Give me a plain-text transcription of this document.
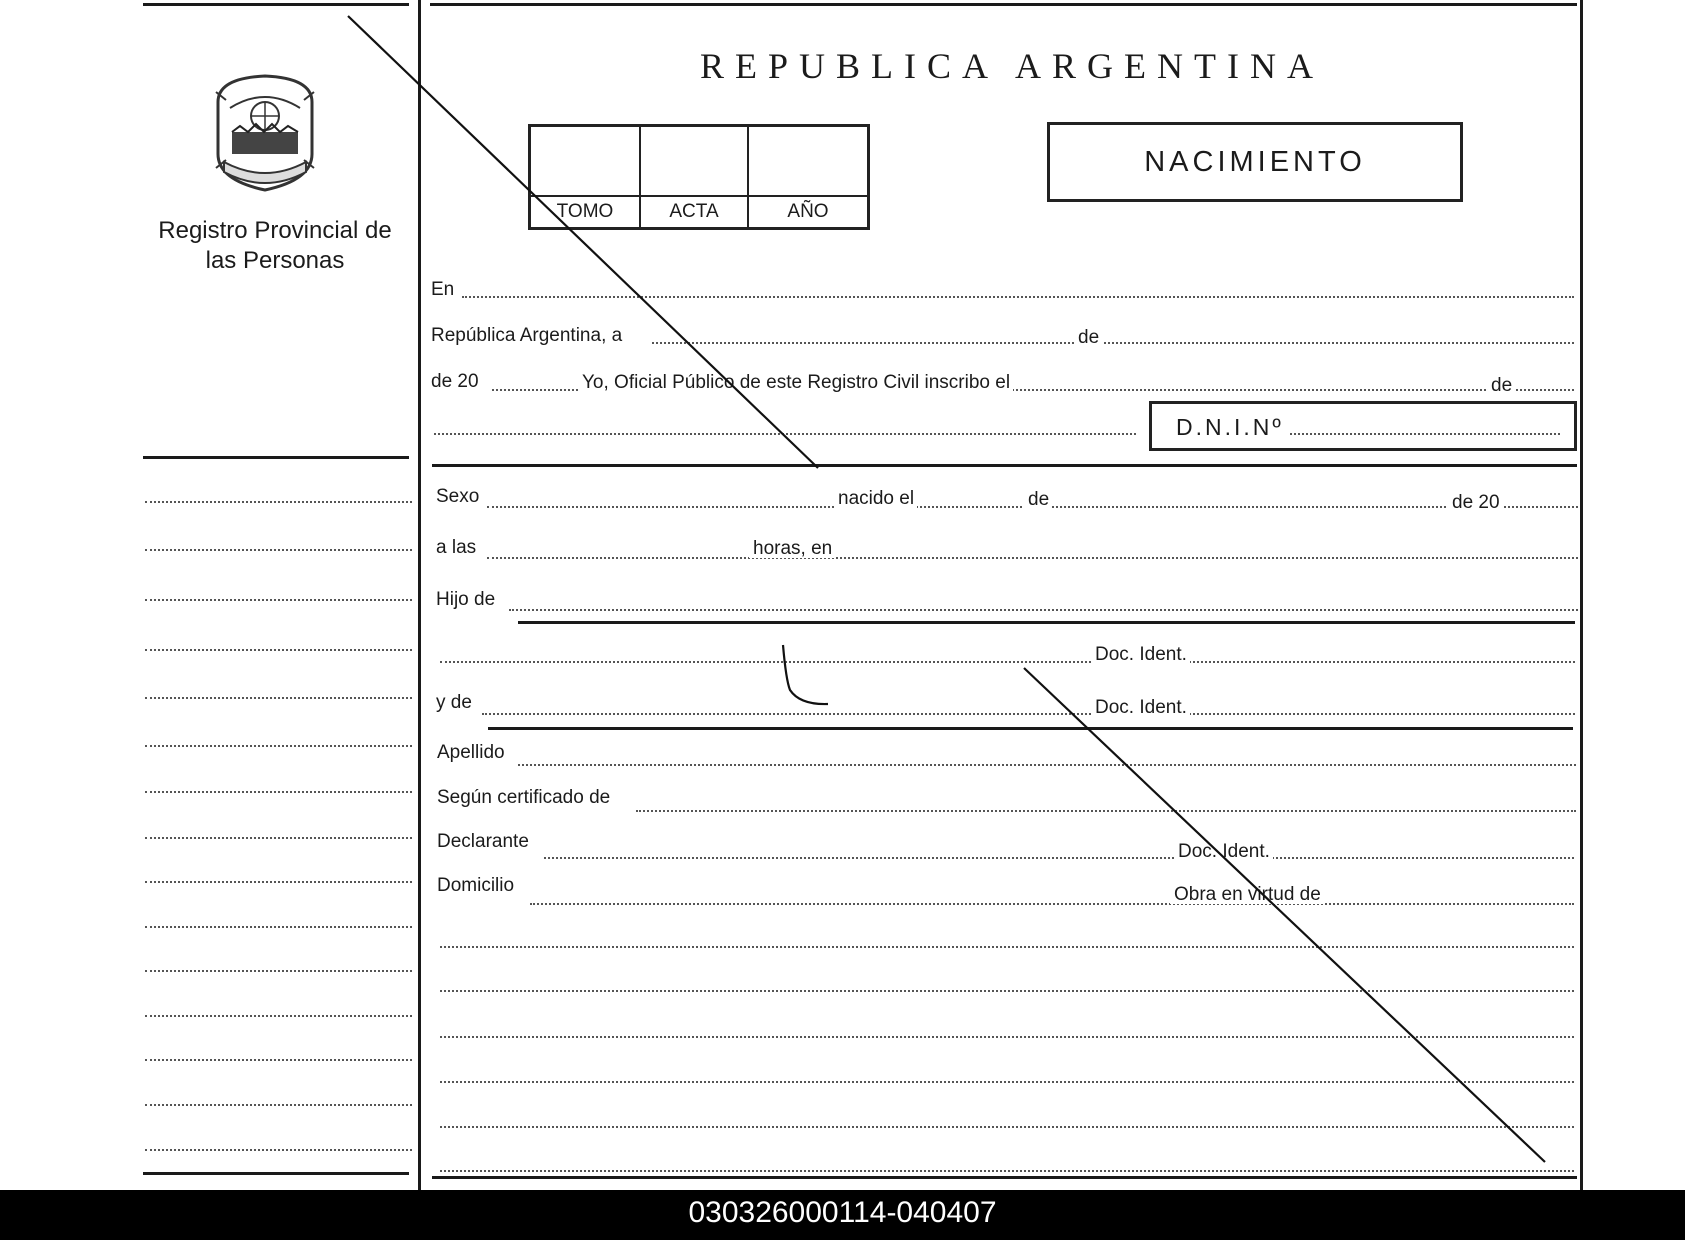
REPUBLICA ARGENTINA
Registro Provincial de las Personas
TOMO	ACTA	AÑO
NACIMIENTO
En
República Argentina, a	de
de 20	Yo, Oficial Público de este Registro Civil inscribo el	de
D.N.I.Nº
Sexo	nacido el	de	de 20
a las	horas, en
Hijo de
Doc. Ident.
y de	Doc. Ident.
Apellido
Según certificado de
Declarante	Doc. Ident.
Domicilio	Obra en virtud de
030326000114-040407
